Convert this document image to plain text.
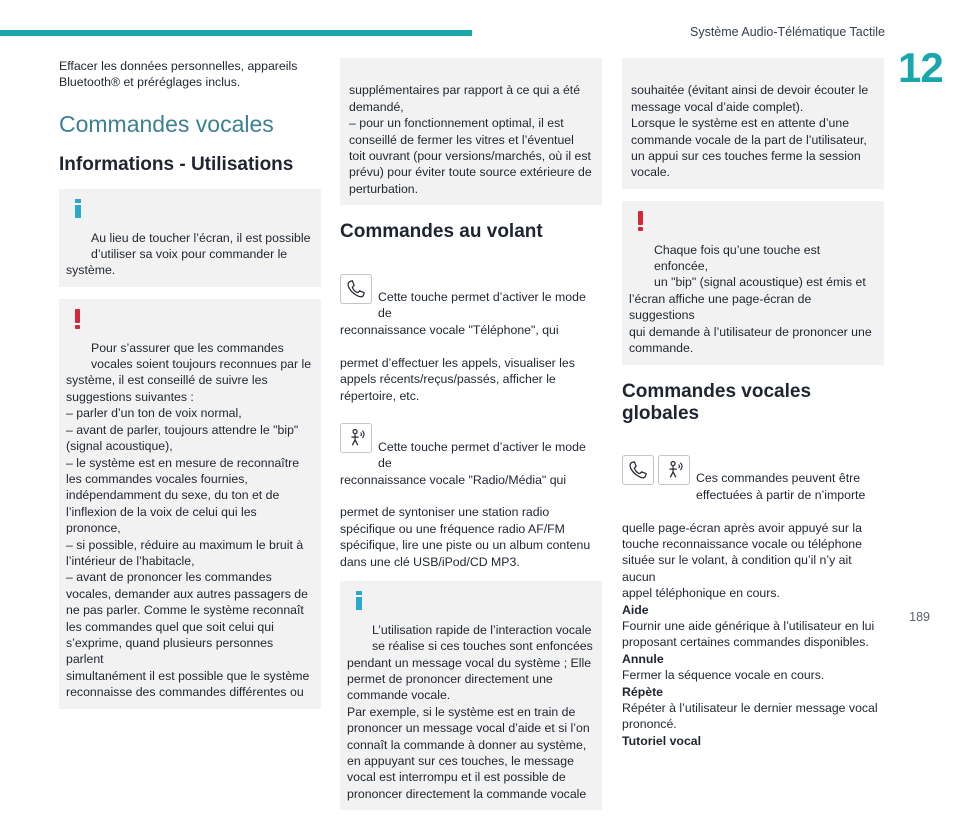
Système Audio-Télématique Tactile
12
189
Effacer les données personnelles, appareils
Bluetooth® et préréglages inclus.
Commandes vocales
Informations - Utilisations

Au lieu de toucher l’écran, il est possible
d’utiliser sa voix pour commander le
système.

Pour s’assurer que les commandes
vocales soient toujours reconnues par le
système, il est conseillé de suivre les
suggestions suivantes :
– parler d’un ton de voix normal,
– avant de parler, toujours attendre le "bip"
(signal acoustique),
– le système est en mesure de reconnaître
les commandes vocales fournies,
indépendamment du sexe, du ton et de
l’inflexion de la voix de celui qui les prononce,
– si possible, réduire au maximum le bruit à
l’intérieur de l’habitacle,
– avant de prononcer les commandes
vocales, demander aux autres passagers de
ne pas parler. Comme le système reconnaît
les commandes quel que soit celui qui
s’exprime, quand plusieurs personnes parlent
simultanément il est possible que le système
reconnaisse des commandes différentes ou

supplémentaires par rapport à ce qui a été
demandé,
– pour un fonctionnement optimal, il est
conseillé de fermer les vitres et l’éventuel
toit ouvrant (pour versions/marchés, où il est
prévu) pour éviter toute source extérieure de
perturbation.

Commandes au volant

Cette touche permet d’activer le mode de
reconnaissance vocale "Téléphone", qui

permet d’effectuer les appels, visualiser les
appels récents/reçus/passés, afficher le
répertoire, etc.

Cette touche permet d’activer le mode de
reconnaissance vocale "Radio/Média" qui

permet de syntoniser une station radio
spécifique ou une fréquence radio AF/FM
spécifique, lire une piste ou un album contenu
dans une clé USB/iPod/CD MP3.

L’utilisation rapide de l’interaction vocale
se réalise si ces touches sont enfoncées
pendant un message vocal du système ; Elle
permet de prononcer directement une
commande vocale.
Par exemple, si le système est en train de
prononcer un message vocal d’aide et si l’on
connaît la commande à donner au système,
en appuyant sur ces touches, le message
vocal est interrompu et il est possible de
prononcer directement la commande vocale

souhaitée (évitant ainsi de devoir écouter le
message vocal d’aide complet).
Lorsque le système est en attente d’une
commande vocale de la part de l’utilisateur,
un appui sur ces touches ferme la session
vocale.

Chaque fois qu’une touche est enfoncée,
un "bip" (signal acoustique) est émis et
l’écran affiche une page-écran de suggestions
qui demande à l’utilisateur de prononcer une
commande.

Commandes vocales
globales

Ces commandes peuvent être
effectuées à partir de n’importe

quelle page-écran après avoir appuyé sur la
touche reconnaissance vocale ou téléphone
située sur le volant, à condition qu’il n’y ait aucun
appel téléphonique en cours.

Aide
Fournir une aide générique à l’utilisateur en lui
proposant certaines commandes disponibles.
Annule
Fermer la séquence vocale en cours.
Répète
Répéter à l’utilisateur le dernier message vocal
prononcé.
Tutoriel vocal
